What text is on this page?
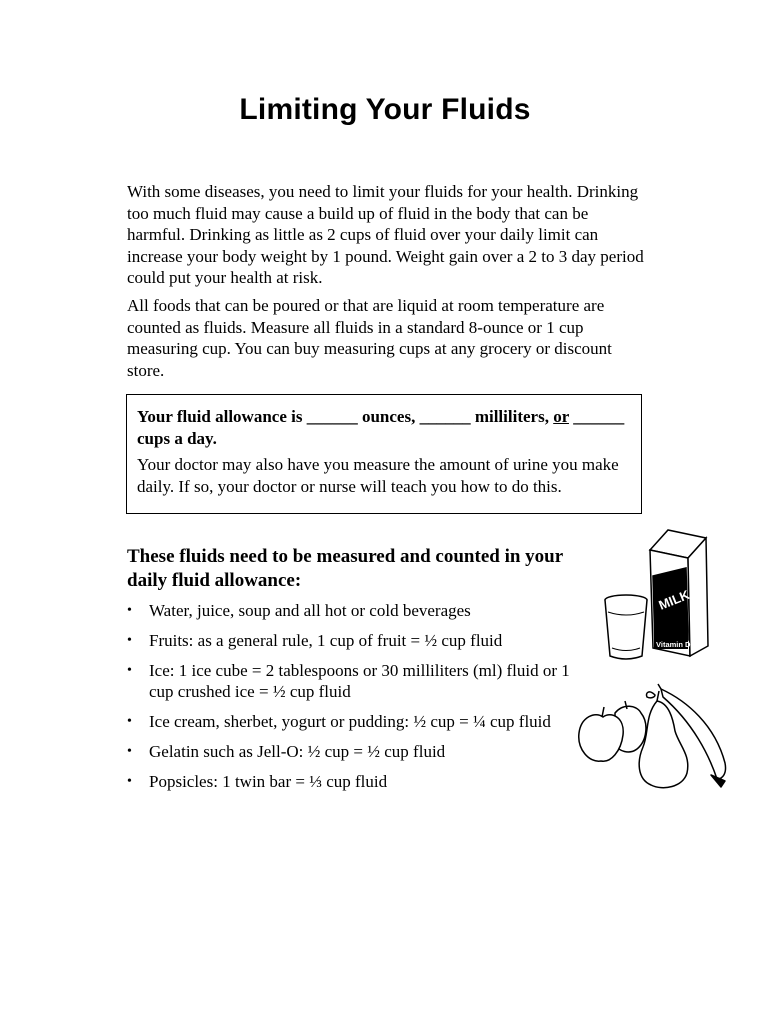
Limiting Your Fluids

With some diseases, you need to limit your fluids for your health. Drinking too much fluid may cause a build up of fluid in the body that can be harmful. Drinking as little as 2 cups of fluid over your daily limit can increase your body weight by 1 pound. Weight gain over a 2 to 3 day period could put your health at risk.

All foods that can be poured or that are liquid at room temperature are counted as fluids. Measure all fluids in a standard 8-ounce or 1 cup measuring cup. You can buy measuring cups at any grocery or discount store.

Your fluid allowance is ______ ounces, ______ milliliters, or ______ cups a day.

Your doctor may also have you measure the amount of urine you make daily. If so, your doctor or nurse will teach you how to do this.

These fluids need to be measured and counted in your daily fluid allowance:
• Water, juice, soup and all hot or cold beverages
• Fruits: as a general rule, 1 cup of fruit = ½ cup fluid
• Ice: 1 ice cube = 2 tablespoons or 30 milliliters (ml) fluid or 1 cup crushed ice = ½ cup fluid
• Ice cream, sherbet, yogurt or pudding: ½ cup = ¼ cup fluid
• Gelatin such as Jell-O: ½ cup = ½ cup fluid
• Popsicles: 1 twin bar = ⅓ cup fluid
MILK
Vitamin D
